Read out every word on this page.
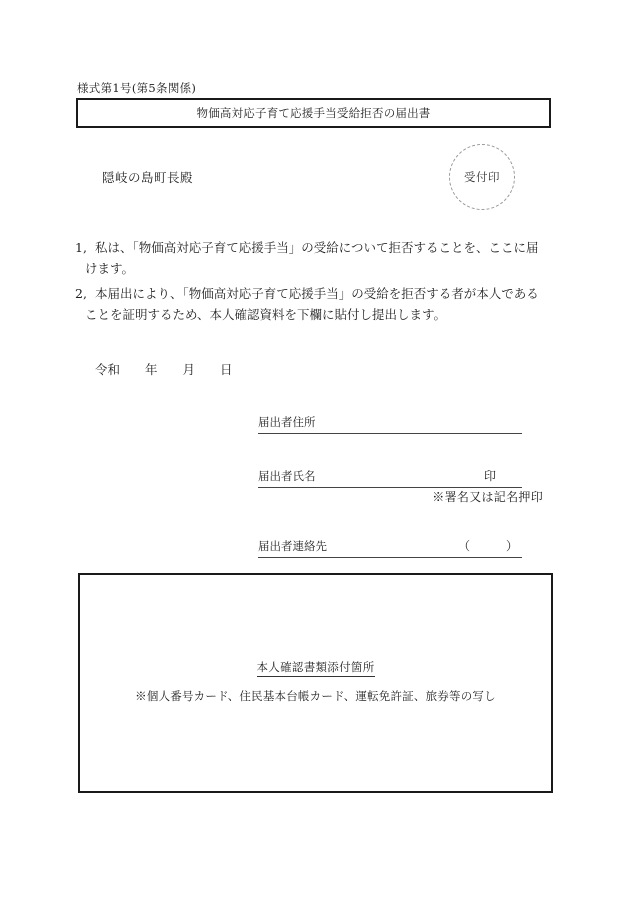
様式第1号(第5条関係)
物価高対応子育て応援手当受給拒否の届出書
隠岐の島町長殿	受付印
1, 私は、「物価高対応子育て応援手当」の受給について拒否することを、ここに届
けます。
2, 本届出により、「物価高対応子育て応援手当」の受給を拒否する者が本人である
ことを証明するため、本人確認資料を下欄に貼付し提出します。
令和　　年　　月　　日
届出者住所
届出者氏名	印
※署名又は記名押印
届出者連絡先	（　　　）
本人確認書類添付箇所
※個人番号カード、住民基本台帳カード、運転免許証、旅券等の写し
